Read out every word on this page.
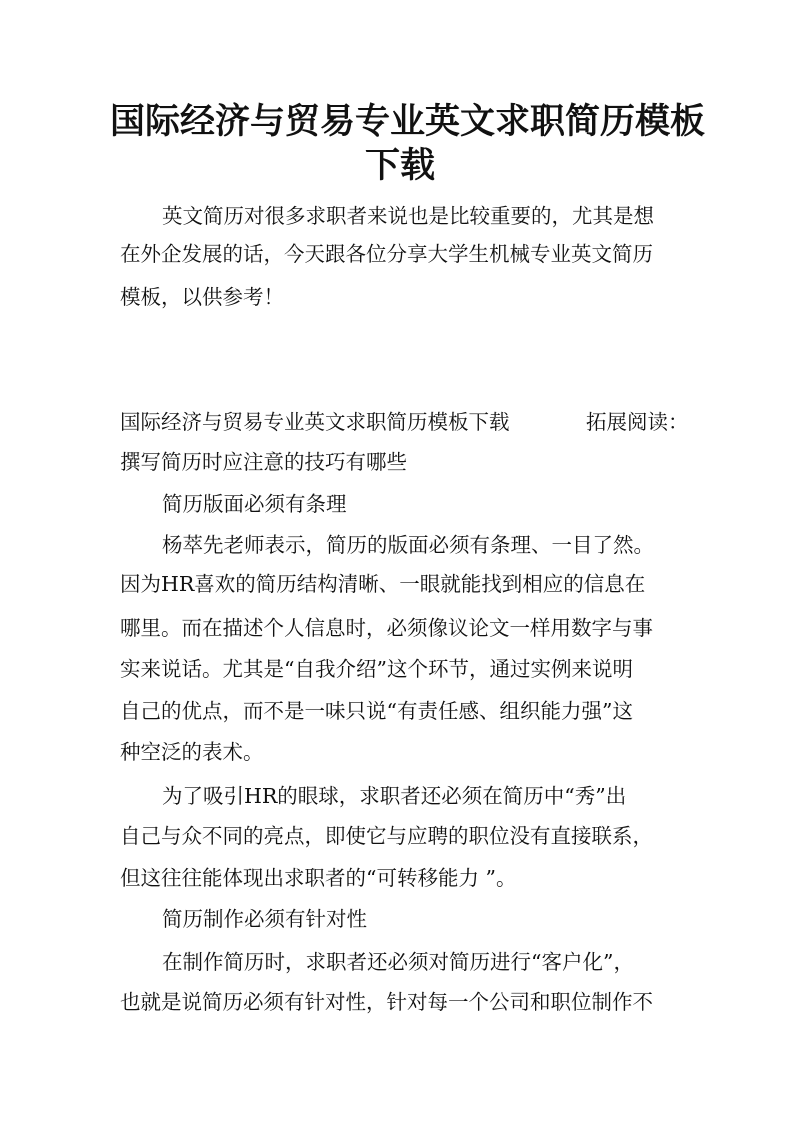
国际经济与贸易专业英文求职简历模板
下载

英文简历对很多求职者来说也是比较重要的，尤其是想

在外企发展的话，今天跟各位分享大学生机械专业英文简历

模板，以供参考！

国际经济与贸易专业英文求职简历模板下载	拓展阅读：

撰写简历时应注意的技巧有哪些

简历版面必须有条理

杨萃先老师表示，简历的版面必须有条理、一目了然。

因为HR喜欢的简历结构清晰、一眼就能找到相应的信息在

哪里。而在描述个人信息时，必须像议论文一样用数字与事

实来说话。尤其是“自我介绍”这个环节，通过实例来说明

自己的优点，而不是一味只说“有责任感、组织能力强”这

种空泛的表术。

为了吸引HR的眼球，求职者还必须在简历中“秀”出

自己与众不同的亮点，即使它与应聘的职位没有直接联系，

但这往往能体现出求职者的“可转移能力 ”。

简历制作必须有针对性

在制作简历时，求职者还必须对简历进行“客户化”，

也就是说简历必须有针对性，针对每一个公司和职位制作不
